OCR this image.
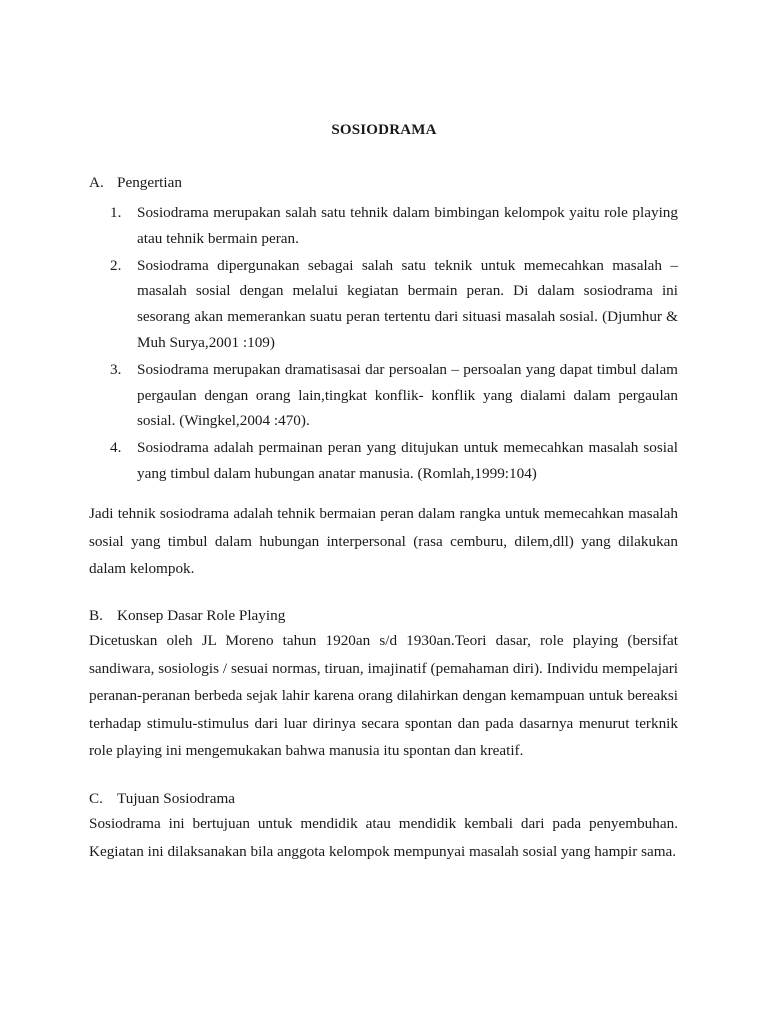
SOSIODRAMA
A. Pengertian
1. Sosiodrama merupakan salah satu tehnik dalam bimbingan kelompok yaitu role playing atau tehnik bermain peran.
2. Sosiodrama dipergunakan sebagai salah satu teknik untuk memecahkan masalah – masalah sosial dengan melalui kegiatan bermain peran. Di dalam sosiodrama ini sesorang akan memerankan suatu peran tertentu dari situasi masalah sosial. (Djumhur & Muh Surya,2001 :109)
3. Sosiodrama merupakan dramatisasai dar persoalan – persoalan yang dapat timbul dalam pergaulan dengan orang lain,tingkat konflik- konflik yang dialami dalam pergaulan sosial. (Wingkel,2004 :470).
4. Sosiodrama adalah permainan peran yang ditujukan untuk memecahkan masalah sosial yang timbul dalam hubungan anatar manusia. (Romlah,1999:104)

Jadi tehnik sosiodrama adalah tehnik bermaian peran dalam rangka untuk memecahkan masalah sosial yang timbul dalam hubungan interpersonal (rasa cemburu, dilem,dll) yang dilakukan dalam kelompok.

B. Konsep Dasar Role Playing

Dicetuskan oleh JL Moreno tahun 1920an s/d 1930an.Teori dasar, role playing (bersifat sandiwara, sosiologis / sesuai normas, tiruan, imajinatif (pemahaman diri). Individu mempelajari peranan-peranan berbeda sejak lahir karena orang dilahirkan dengan kemampuan untuk bereaksi terhadap stimulu-stimulus dari luar dirinya secara spontan dan pada dasarnya menurut terknik role playing ini mengemukakan bahwa manusia itu spontan dan kreatif.

C. Tujuan Sosiodrama

Sosiodrama ini bertujuan untuk mendidik atau mendidik kembali dari pada penyembuhan. Kegiatan ini dilaksanakan bila anggota kelompok mempunyai masalah sosial yang hampir sama.
